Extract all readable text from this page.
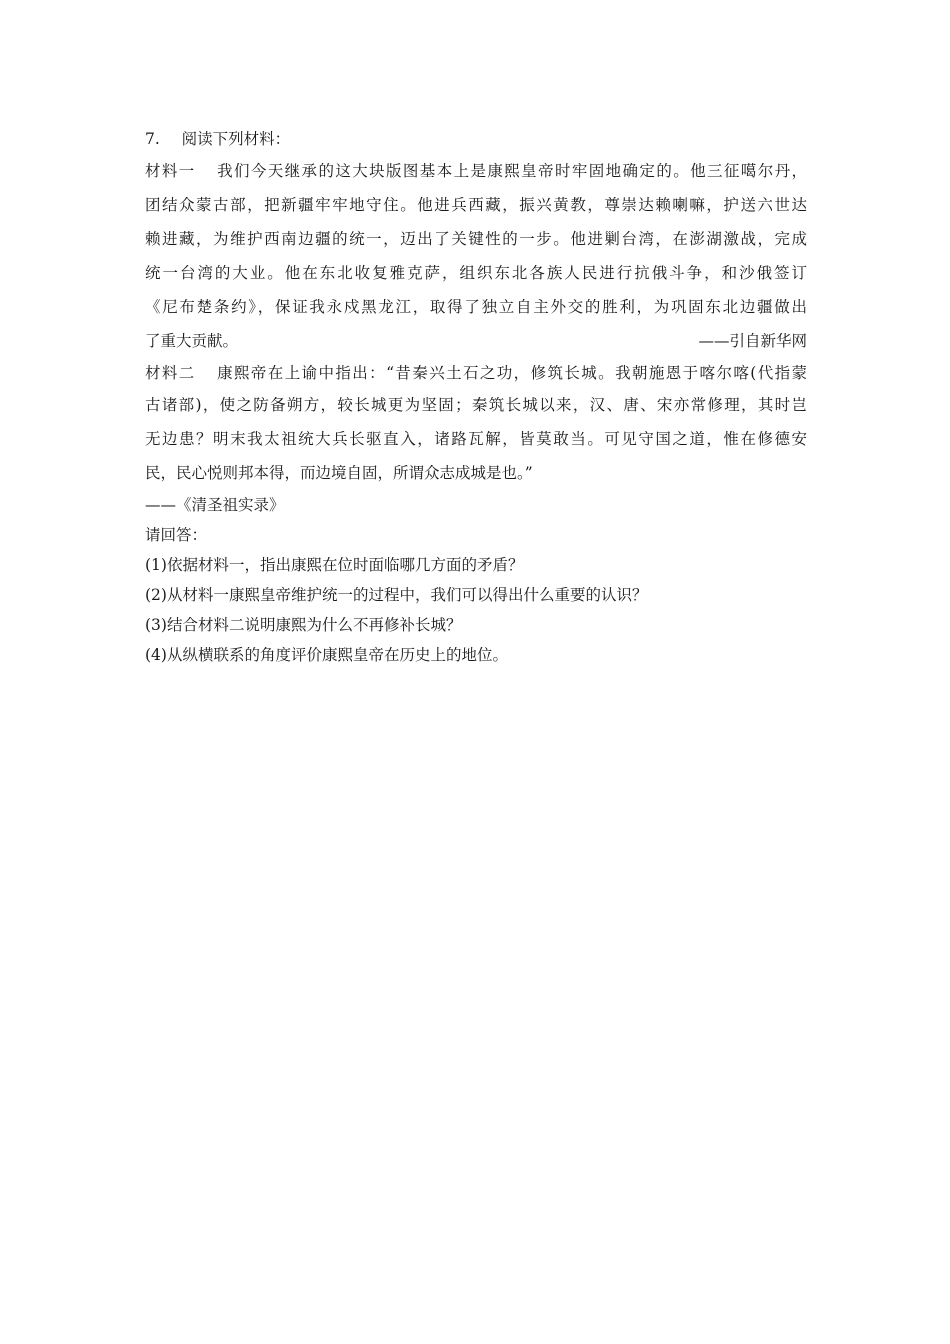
7. 阅读下列材料：
材料一 我们今天继承的这大块版图基本上是康熙皇帝时牢固地确定的。他三征噶尔丹，
团结众蒙古部，把新疆牢牢地守住。他进兵西藏，振兴黄教，尊崇达赖喇嘛，护送六世达
赖进藏，为维护西南边疆的统一，迈出了关键性的一步。他进剿台湾，在澎湖激战，完成
统一台湾的大业。他在东北收复雅克萨，组织东北各族人民进行抗俄斗争，和沙俄签订
《尼布楚条约》，保证我永戍黑龙江，取得了独立自主外交的胜利，为巩固东北边疆做出
了重大贡献。	——引自新华网
材料二 康熙帝在上谕中指出：“昔秦兴土石之功，修筑长城。我朝施恩于喀尔喀(代指蒙
古诸部)，使之防备朔方，较长城更为坚固；秦筑长城以来，汉、唐、宋亦常修理，其时岂
无边患？明末我太祖统大兵长驱直入，诸路瓦解，皆莫敢当。可见守国之道，惟在修德安
民，民心悦则邦本得，而边境自固，所谓众志成城是也。”
——《清圣祖实录》
请回答：
(1)依据材料一，指出康熙在位时面临哪几方面的矛盾？
(2)从材料一康熙皇帝维护统一的过程中，我们可以得出什么重要的认识？
(3)结合材料二说明康熙为什么不再修补长城？
(4)从纵横联系的角度评价康熙皇帝在历史上的地位。
